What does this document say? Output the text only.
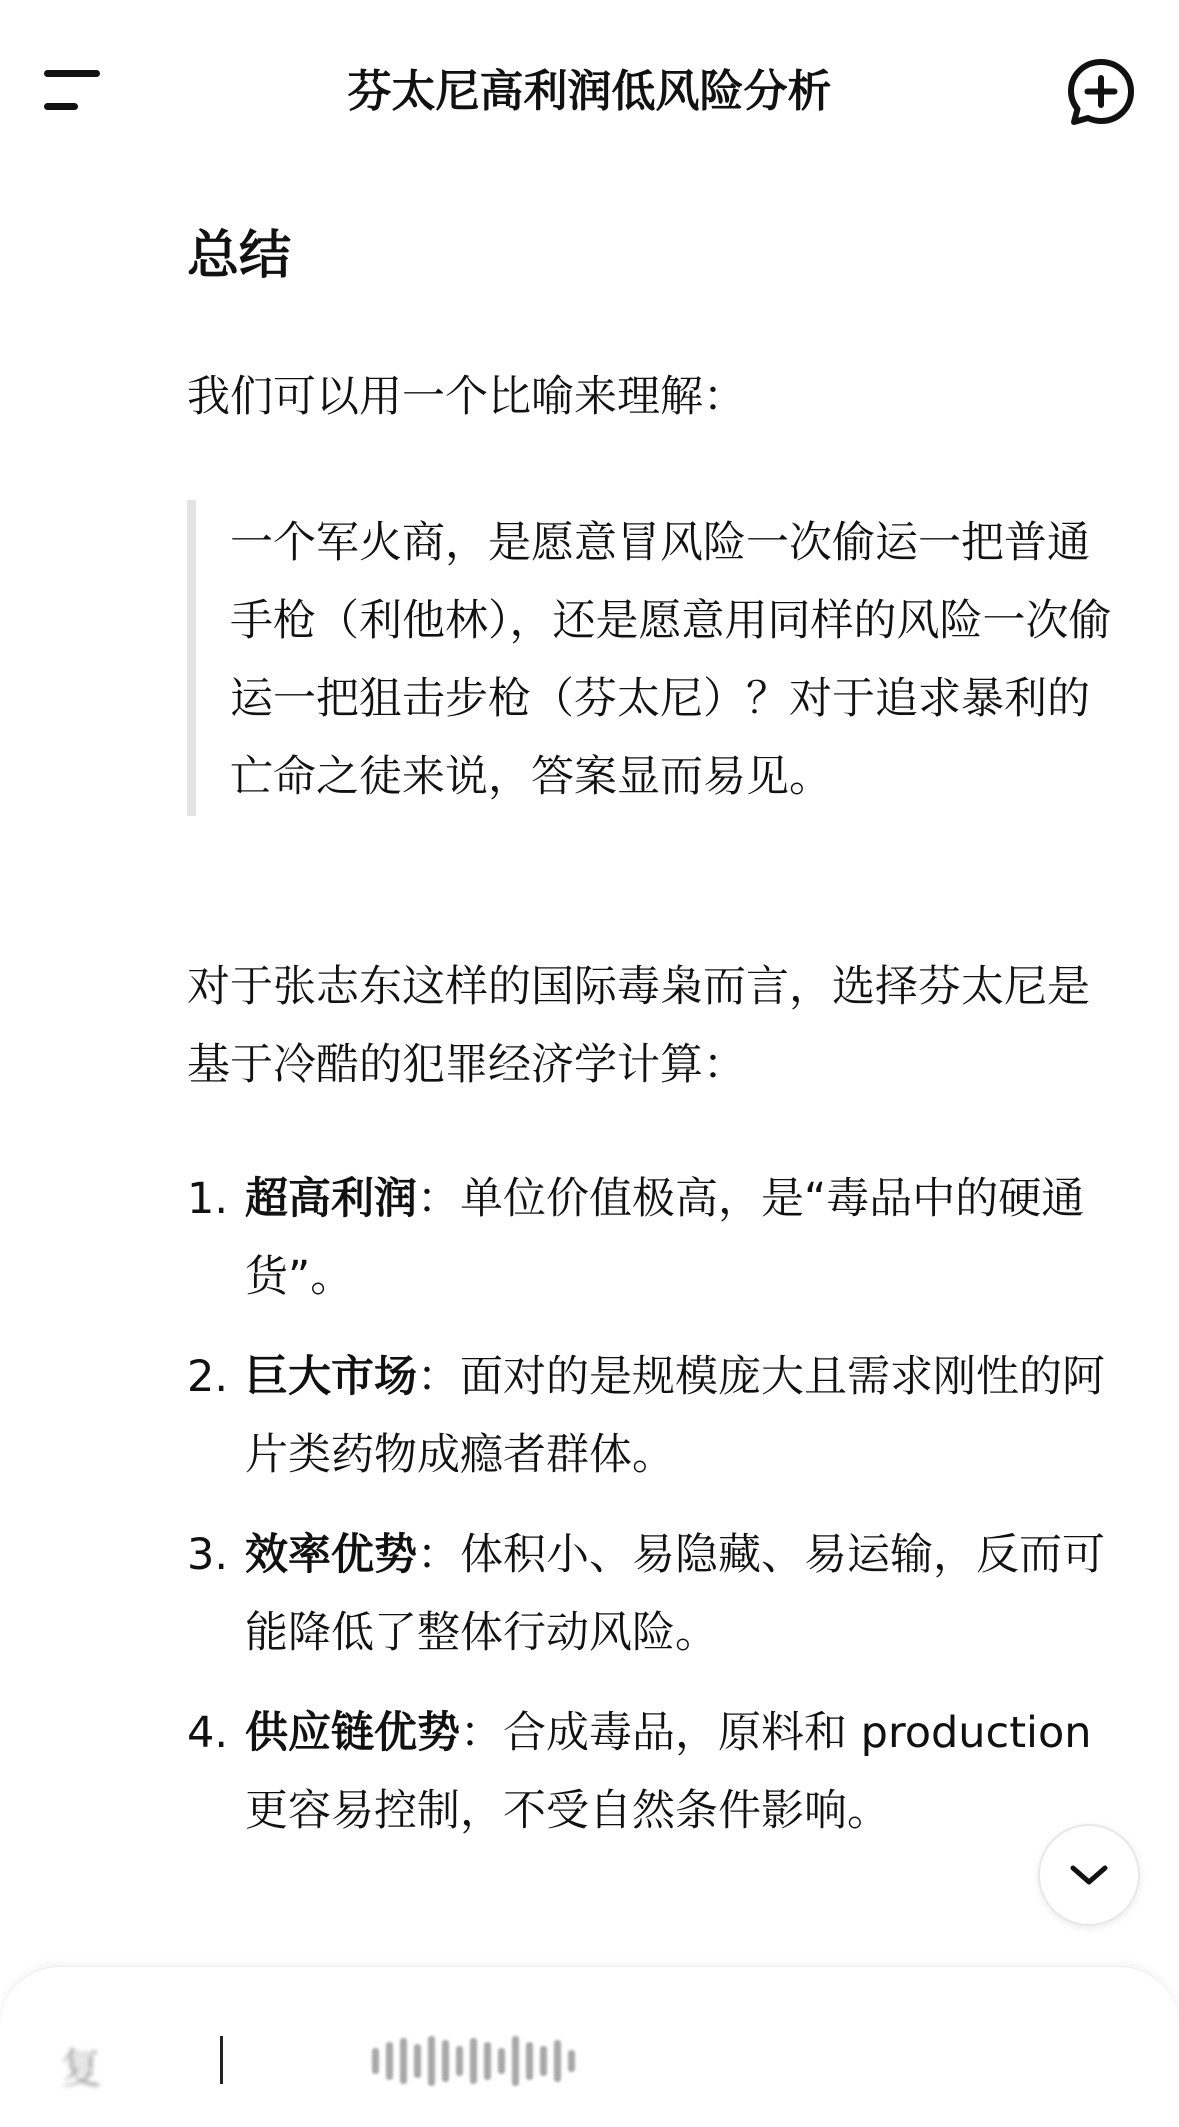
芬太尼高利润低风险分析
总结

我们可以用一个比喻来理解：

一个军火商，是愿意冒风险一次偷运一把普通手枪（利他林），还是愿意用同样的风险一次偷运一把狙击步枪（芬太尼）？对于追求暴利的亡命之徒来说，答案显而易见。

对于张志东这样的国际毒枭而言，选择芬太尼是基于冷酷的犯罪经济学计算：

1. 超高利润：单位价值极高，是“毒品中的硬通货”。
2. 巨大市场：面对的是规模庞大且需求刚性的阿片类药物成瘾者群体。
3. 效率优势：体积小、易隐藏、易运输，反而可能降低了整体行动风险。
4. 供应链优势：合成毒品，原料和 production 更容易控制，不受自然条件影响。
复
